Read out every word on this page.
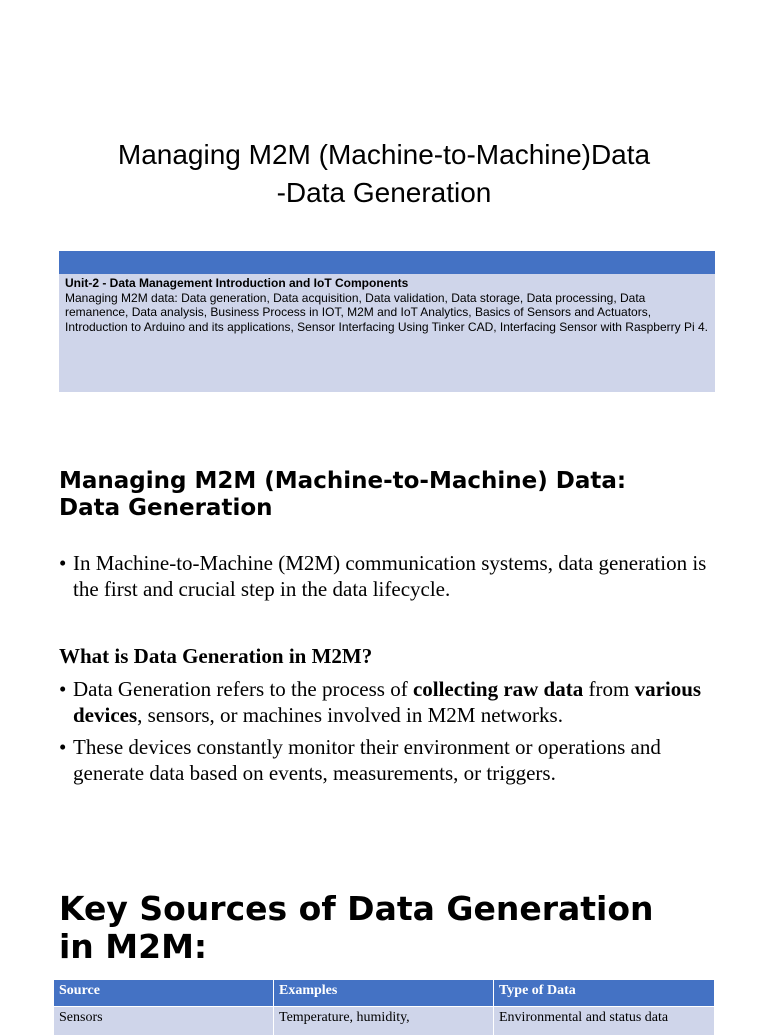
Managing M2M (Machine-to-Machine)Data
-Data Generation
Unit-2 - Data Management Introduction and IoT Components
Managing M2M data: Data generation, Data acquisition, Data validation, Data storage, Data processing, Data remanence, Data analysis, Business Process in IOT, M2M and IoT Analytics, Basics of Sensors and Actuators, Introduction to Arduino and its applications, Sensor Interfacing Using Tinker CAD, Interfacing Sensor with Raspberry Pi 4.
Managing M2M (Machine-to-Machine) Data:
Data Generation
• In Machine-to-Machine (M2M) communication systems, data generation is the first and crucial step in the data lifecycle.
What is Data Generation in M2M?
• Data Generation refers to the process of collecting raw data from various devices, sensors, or machines involved in M2M networks.
• These devices constantly monitor their environment or operations and generate data based on events, measurements, or triggers.
Key Sources of Data Generation
in M2M:
Source	Examples	Type of Data
Sensors	Temperature, humidity,	Environmental and status data
